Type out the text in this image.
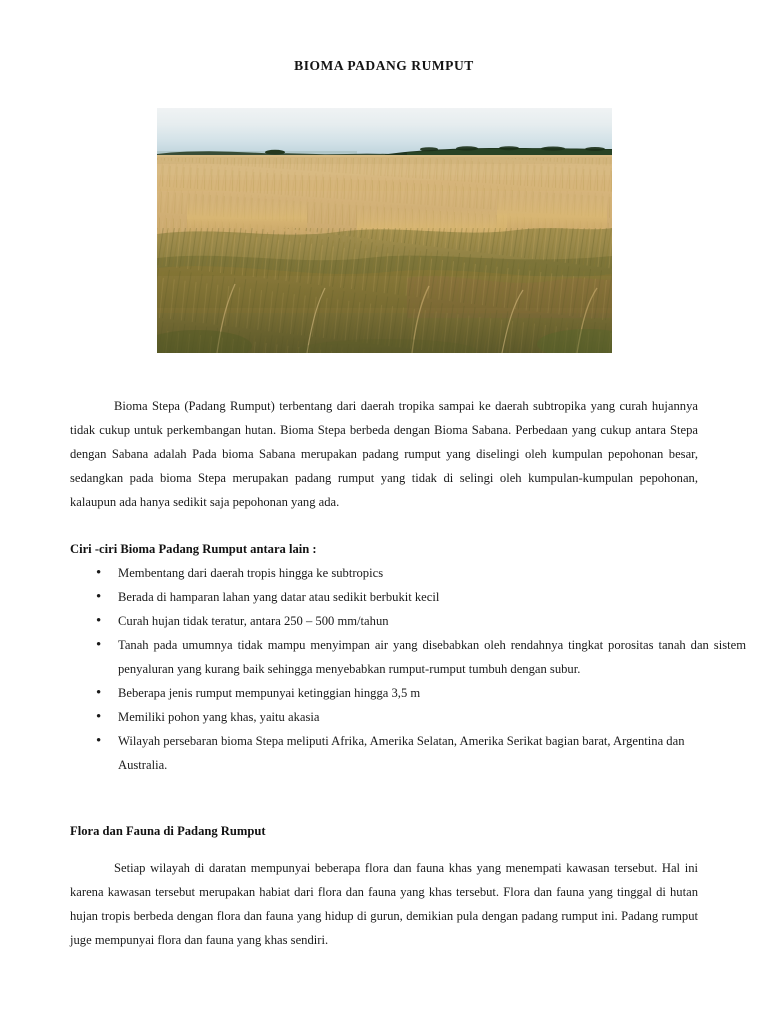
BIOMA PADANG RUMPUT

Bioma Stepa (Padang Rumput) terbentang dari daerah tropika sampai ke daerah subtropika yang curah hujannya tidak cukup untuk perkembangan hutan. Bioma Stepa berbeda dengan Bioma Sabana. Perbedaan yang cukup antara Stepa dengan Sabana adalah Pada bioma Sabana merupakan padang rumput yang diselingi oleh kumpulan pepohonan besar, sedangkan pada bioma Stepa merupakan padang rumput yang tidak di selingi oleh kumpulan-kumpulan pepohonan, kalaupun ada hanya sedikit saja pepohonan yang ada.

Ciri -ciri Bioma Padang Rumput antara lain :
•	Membentang dari daerah tropis hingga ke subtropics
•	Berada di hamparan lahan yang datar atau sedikit berbukit kecil
•	Curah hujan tidak teratur, antara 250 – 500 mm/tahun
•	Tanah pada umumnya tidak mampu menyimpan air yang disebabkan oleh rendahnya tingkat porositas tanah dan sistem penyaluran yang kurang baik sehingga menyebabkan rumput-rumput tumbuh dengan subur.
•	Beberapa jenis rumput mempunyai ketinggian hingga 3,5 m
•	Memiliki pohon yang khas, yaitu akasia
•	Wilayah persebaran bioma Stepa meliputi Afrika, Amerika Selatan, Amerika Serikat bagian barat, Argentina dan Australia.
Flora dan Fauna di Padang Rumput

Setiap wilayah di daratan mempunyai beberapa flora dan fauna khas yang menempati kawasan tersebut. Hal ini karena kawasan tersebut merupakan habiat dari flora dan fauna yang khas tersebut. Flora dan fauna yang tinggal di hutan hujan tropis berbeda dengan flora dan fauna yang hidup di gurun, demikian pula dengan padang rumput ini. Padang rumput juge mempunyai flora dan fauna yang khas sendiri.
